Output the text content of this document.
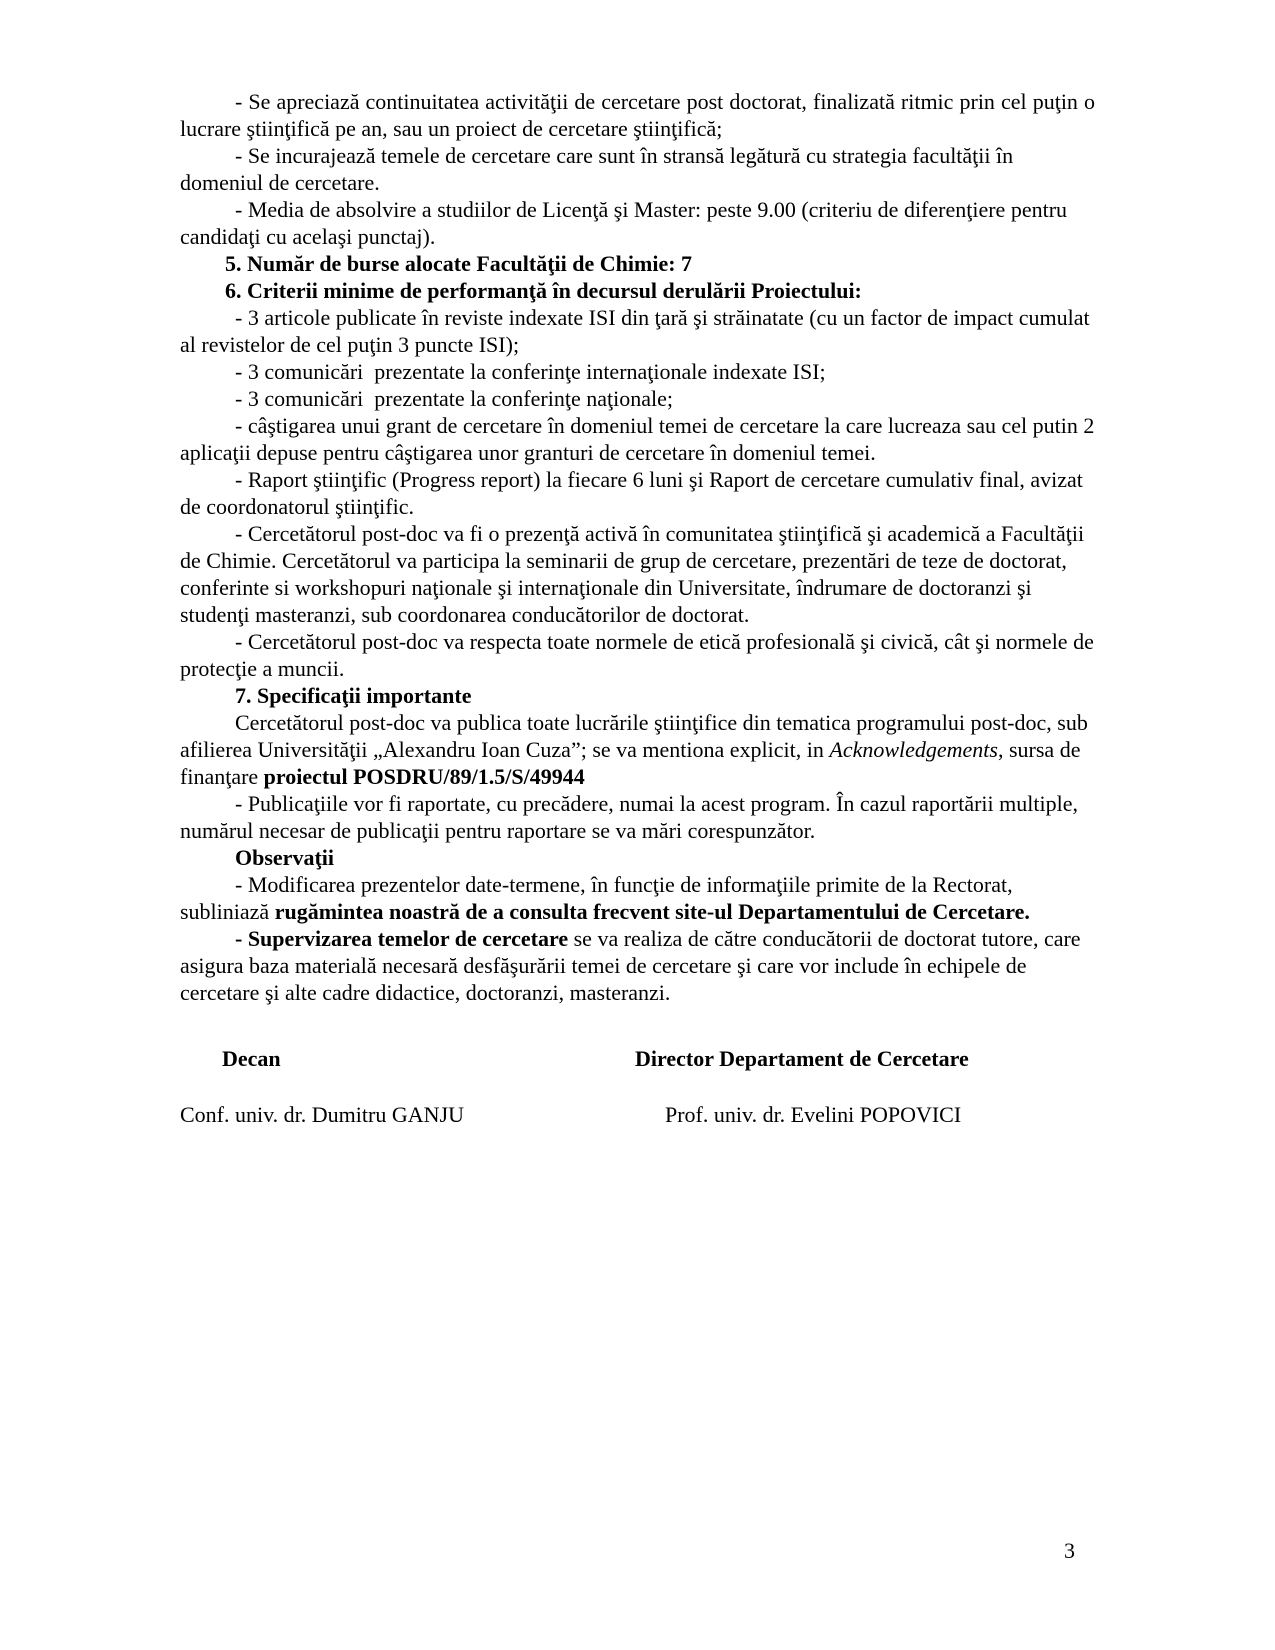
- Se apreciază continuitatea activităţii de cercetare post doctorat, finalizată ritmic prin cel puţin o lucrare ştiinţifică pe an, sau un proiect de cercetare ştiinţifică;

- Se incurajează temele de cercetare care sunt în stransă legătură cu strategia facultăţii în domeniul de cercetare.

- Media de absolvire a studiilor de Licenţă şi Master: peste 9.00 (criteriu de diferenţiere pentru candidaţi cu acelaşi punctaj).

5. Număr de burse alocate Facultăţii de Chimie: 7

6. Criterii minime de performanţă în decursul derulării Proiectului:

- 3 articole publicate în reviste indexate ISI din ţară şi străinatate (cu un factor de impact cumulat al revistelor de cel puţin 3 puncte ISI);

- 3 comunicări  prezentate la conferinţe internaţionale indexate ISI;

- 3 comunicări  prezentate la conferinţe naţionale;

- câştigarea unui grant de cercetare în domeniul temei de cercetare la care lucreaza sau cel putin 2 aplicaţii depuse pentru câştigarea unor granturi de cercetare în domeniul temei.

- Raport ştiinţific (Progress report) la fiecare 6 luni şi Raport de cercetare cumulativ final, avizat de coordonatorul ştiinţific.

- Cercetătorul post-doc va fi o prezenţă activă în comunitatea ştiinţifică şi academică a Facultăţii de Chimie. Cercetătorul va participa la seminarii de grup de cercetare, prezentări de teze de doctorat, conferinte si workshopuri naţionale şi internaţionale din Universitate, îndrumare de doctoranzi şi studenţi masteranzi, sub coordonarea conducătorilor de doctorat.

- Cercetătorul post-doc va respecta toate normele de etică profesională şi civică, cât şi normele de protecţie a muncii.

7. Specificaţii importante

Cercetătorul post-doc va publica toate lucrările ştiinţifice din tematica programului post-doc, sub afilierea Universităţii „Alexandru Ioan Cuza”; se va mentiona explicit, in Acknowledgements, sursa de finanţare proiectul POSDRU/89/1.5/S/49944

- Publicaţiile vor fi raportate, cu precădere, numai la acest program. În cazul raportării multiple, numărul necesar de publicaţii pentru raportare se va mări corespunzător.

Observaţii

- Modificarea prezentelor date-termene, în funcţie de informaţiile primite de la Rectorat, subliniază rugămintea noastră de a consulta frecvent site-ul Departamentului de Cercetare.

- Supervizarea temelor de cercetare se va realiza de către conducătorii de doctorat tutore, care asigura baza materială necesară desfăşurării temei de cercetare şi care vor include în echipele de cercetare şi alte cadre didactice, doctoranzi, masteranzi.

Decan	Director Departament de Cercetare
Conf. univ. dr. Dumitru GANJU	Prof. univ. dr. Evelini POPOVICI
3
